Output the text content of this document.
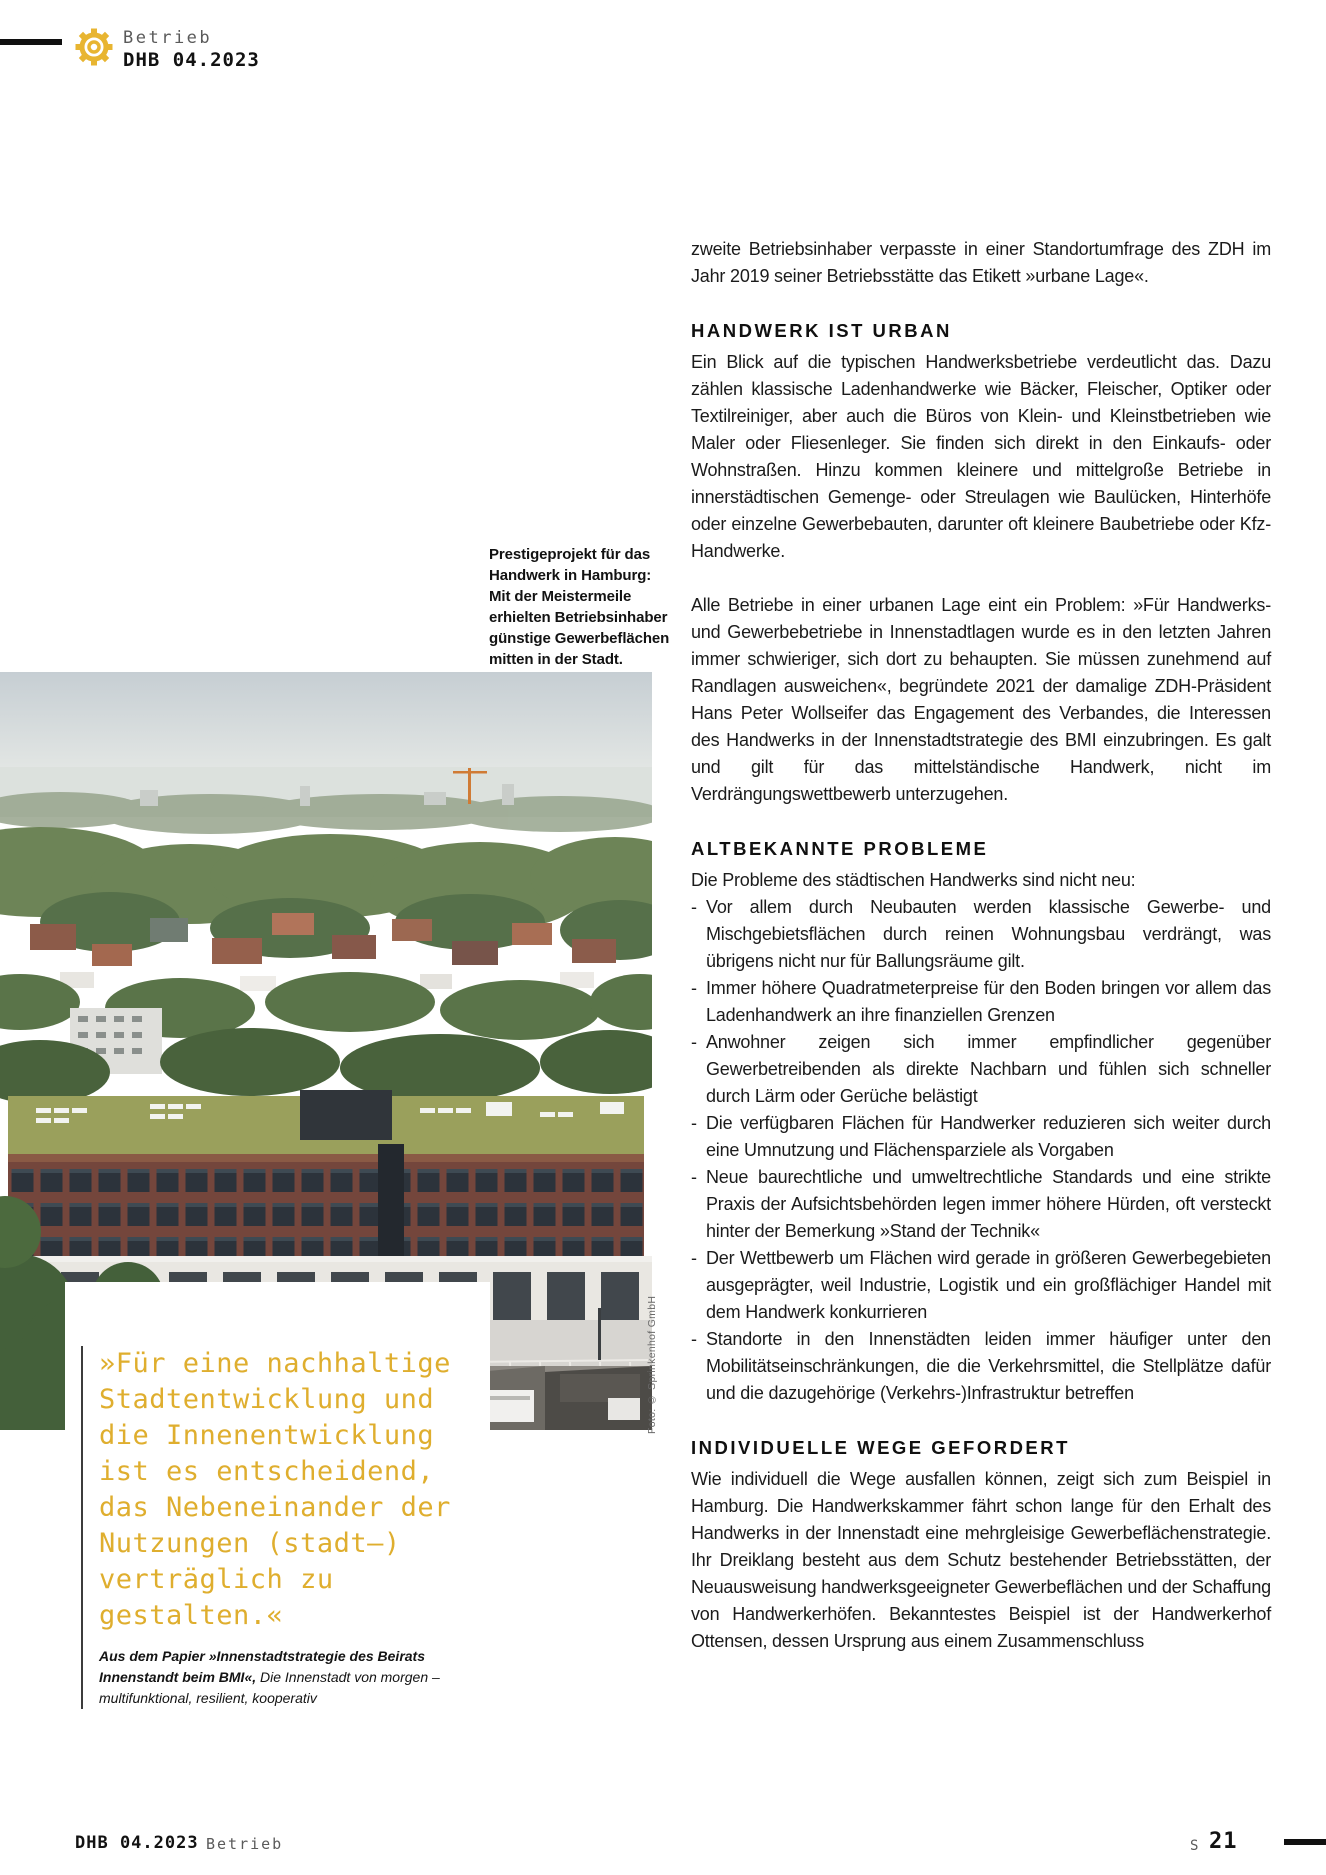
Betrieb
DHB 04.2023
Prestigeprojekt für das Handwerk in Hamburg: Mit der Meistermeile erhielten Betriebsinhaber günstige Gewerbeflächen mitten in der Stadt.
Foto: © Sprinkenhof GmbH
»Für eine nachhaltige Stadtentwicklung und die Innenentwicklung ist es entscheidend, das Nebeneinander der Nutzungen (stadt–) verträglich zu gestalten.«
Aus dem Papier »Innenstadtstrategie des Beirats Innenstandt beim BMI«, Die Innenstadt von morgen – multifunktional, resilient, kooperativ

zweite Betriebsinhaber verpasste in einer Standortumfrage des ZDH im Jahr 2019 seiner Betriebsstätte das Etikett »urbane Lage«.

HANDWERK IST URBAN

Ein Blick auf die typischen Handwerksbetriebe verdeutlicht das. Dazu zählen klassische Ladenhandwerke wie Bäcker, Fleischer, Optiker oder Textilreiniger, aber auch die Büros von Klein- und Kleinstbetrieben wie Maler oder Fliesenleger. Sie finden sich direkt in den Einkaufs- oder Wohnstraßen. Hinzu kommen kleinere und mittelgroße Betriebe in innerstädtischen Gemenge- oder Streulagen wie Baulücken, Hinterhöfe oder einzelne Gewerbebauten, darunter oft kleinere Baubetriebe oder Kfz-Handwerke.

Alle Betriebe in einer urbanen Lage eint ein Problem: »Für Handwerks- und Gewerbebetriebe in Innenstadtlagen wurde es in den letzten Jahren immer schwieriger, sich dort zu behaupten. Sie müssen zunehmend auf Randlagen ausweichen«, begründete 2021 der damalige ZDH-Präsident Hans Peter Wollseifer das Engagement des Verbandes, die Interessen des Handwerks in der Innenstadtstrategie des BMI einzubringen. Es galt und gilt für das mittelständische Handwerk, nicht im Verdrängungswettbewerb unterzugehen.

ALTBEKANNTE PROBLEME

Die Probleme des städtischen Handwerks sind nicht neu:

- Vor allem durch Neubauten werden klassische Gewerbe- und Mischgebietsflächen durch reinen Wohnungsbau verdrängt, was übrigens nicht nur für Ballungsräume gilt.
- Immer höhere Quadratmeterpreise für den Boden bringen vor allem das Ladenhandwerk an ihre finanziellen Grenzen
- Anwohner zeigen sich immer empfindlicher gegenüber Gewerbetreibenden als direkte Nachbarn und fühlen sich schneller durch Lärm oder Gerüche belästigt
- Die verfügbaren Flächen für Handwerker reduzieren sich weiter durch eine Umnutzung und Flächensparziele als Vorgaben
- Neue baurechtliche und umweltrechtliche Standards und eine strikte Praxis der Aufsichtsbehörden legen immer höhere Hürden, oft versteckt hinter der Bemerkung »Stand der Technik«
- Der Wettbewerb um Flächen wird gerade in größeren Gewerbegebieten ausgeprägter, weil Industrie, Logistik und ein großflächiger Handel mit dem Handwerk konkurrieren
- Standorte in den Innenstädten leiden immer häufiger unter den Mobilitätseinschränkungen, die die Verkehrsmittel, die Stellplätze dafür und die dazugehörige (Verkehrs-)Infrastruktur betreffen
INDIVIDUELLE WEGE GEFORDERT

Wie individuell die Wege ausfallen können, zeigt sich zum Beispiel in Hamburg. Die Handwerkskammer fährt schon lange für den Erhalt des Handwerks in der Innenstadt eine mehrgleisige Gewerbeflächenstrategie. Ihr Dreiklang besteht aus dem Schutz bestehender Betriebsstätten, der Neuausweisung handwerksgeeigneter Gewerbeflächen und der Schaffung von Handwerkerhöfen. Bekanntestes Beispiel ist der Handwerkerhof Ottensen, dessen Ursprung aus einem Zusammenschluss

DHB 04.2023 Betrieb	S 21
